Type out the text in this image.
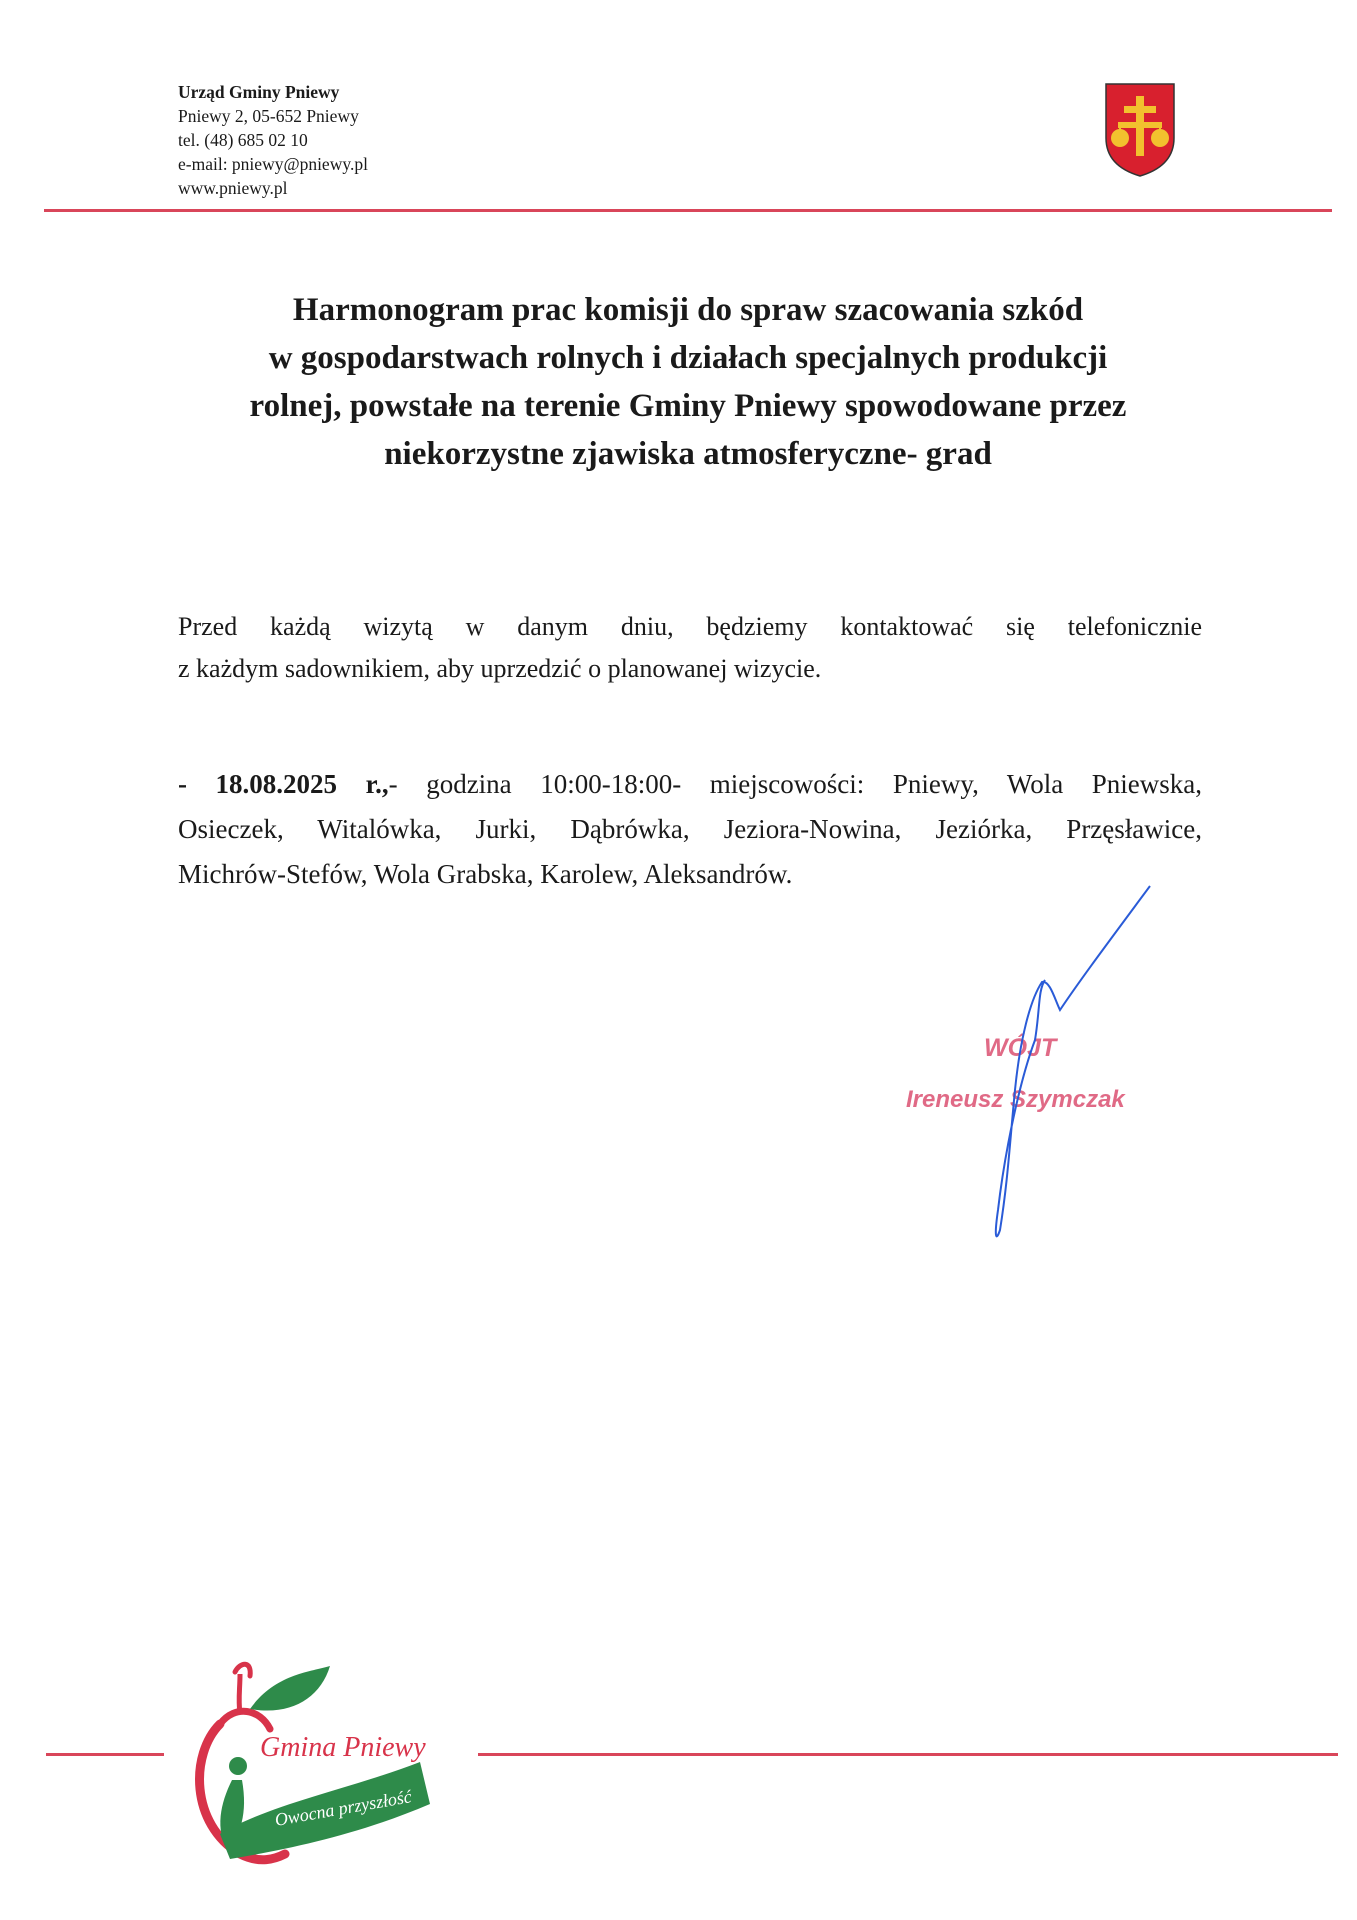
Urząd Gminy Pniewy
Pniewy 2, 05-652 Pniewy
tel. (48) 685 02 10
e-mail: pniewy@pniewy.pl
www.pniewy.pl
Harmonogram prac komisji do spraw szacowania szkód
w gospodarstwach rolnych i działach specjalnych produkcji
rolnej, powstałe na terenie Gminy Pniewy spowodowane przez
niekorzystne zjawiska atmosferyczne- grad
Przed każdą wizytą w danym dniu, będziemy kontaktować się telefonicznie
z każdym sadownikiem, aby uprzedzić o planowanej wizycie.
- 18.08.2025 r.,- godzina 10:00-18:00- miejscowości: Pniewy, Wola Pniewska,
Osieczek, Witalówka, Jurki, Dąbrówka, Jeziora-Nowina, Jeziórka, Przęsławice,
Michrów-Stefów, Wola Grabska, Karolew, Aleksandrów.
WÓJT
Ireneusz Szymczak
Gmina Pniewy
Owocna przyszłość
